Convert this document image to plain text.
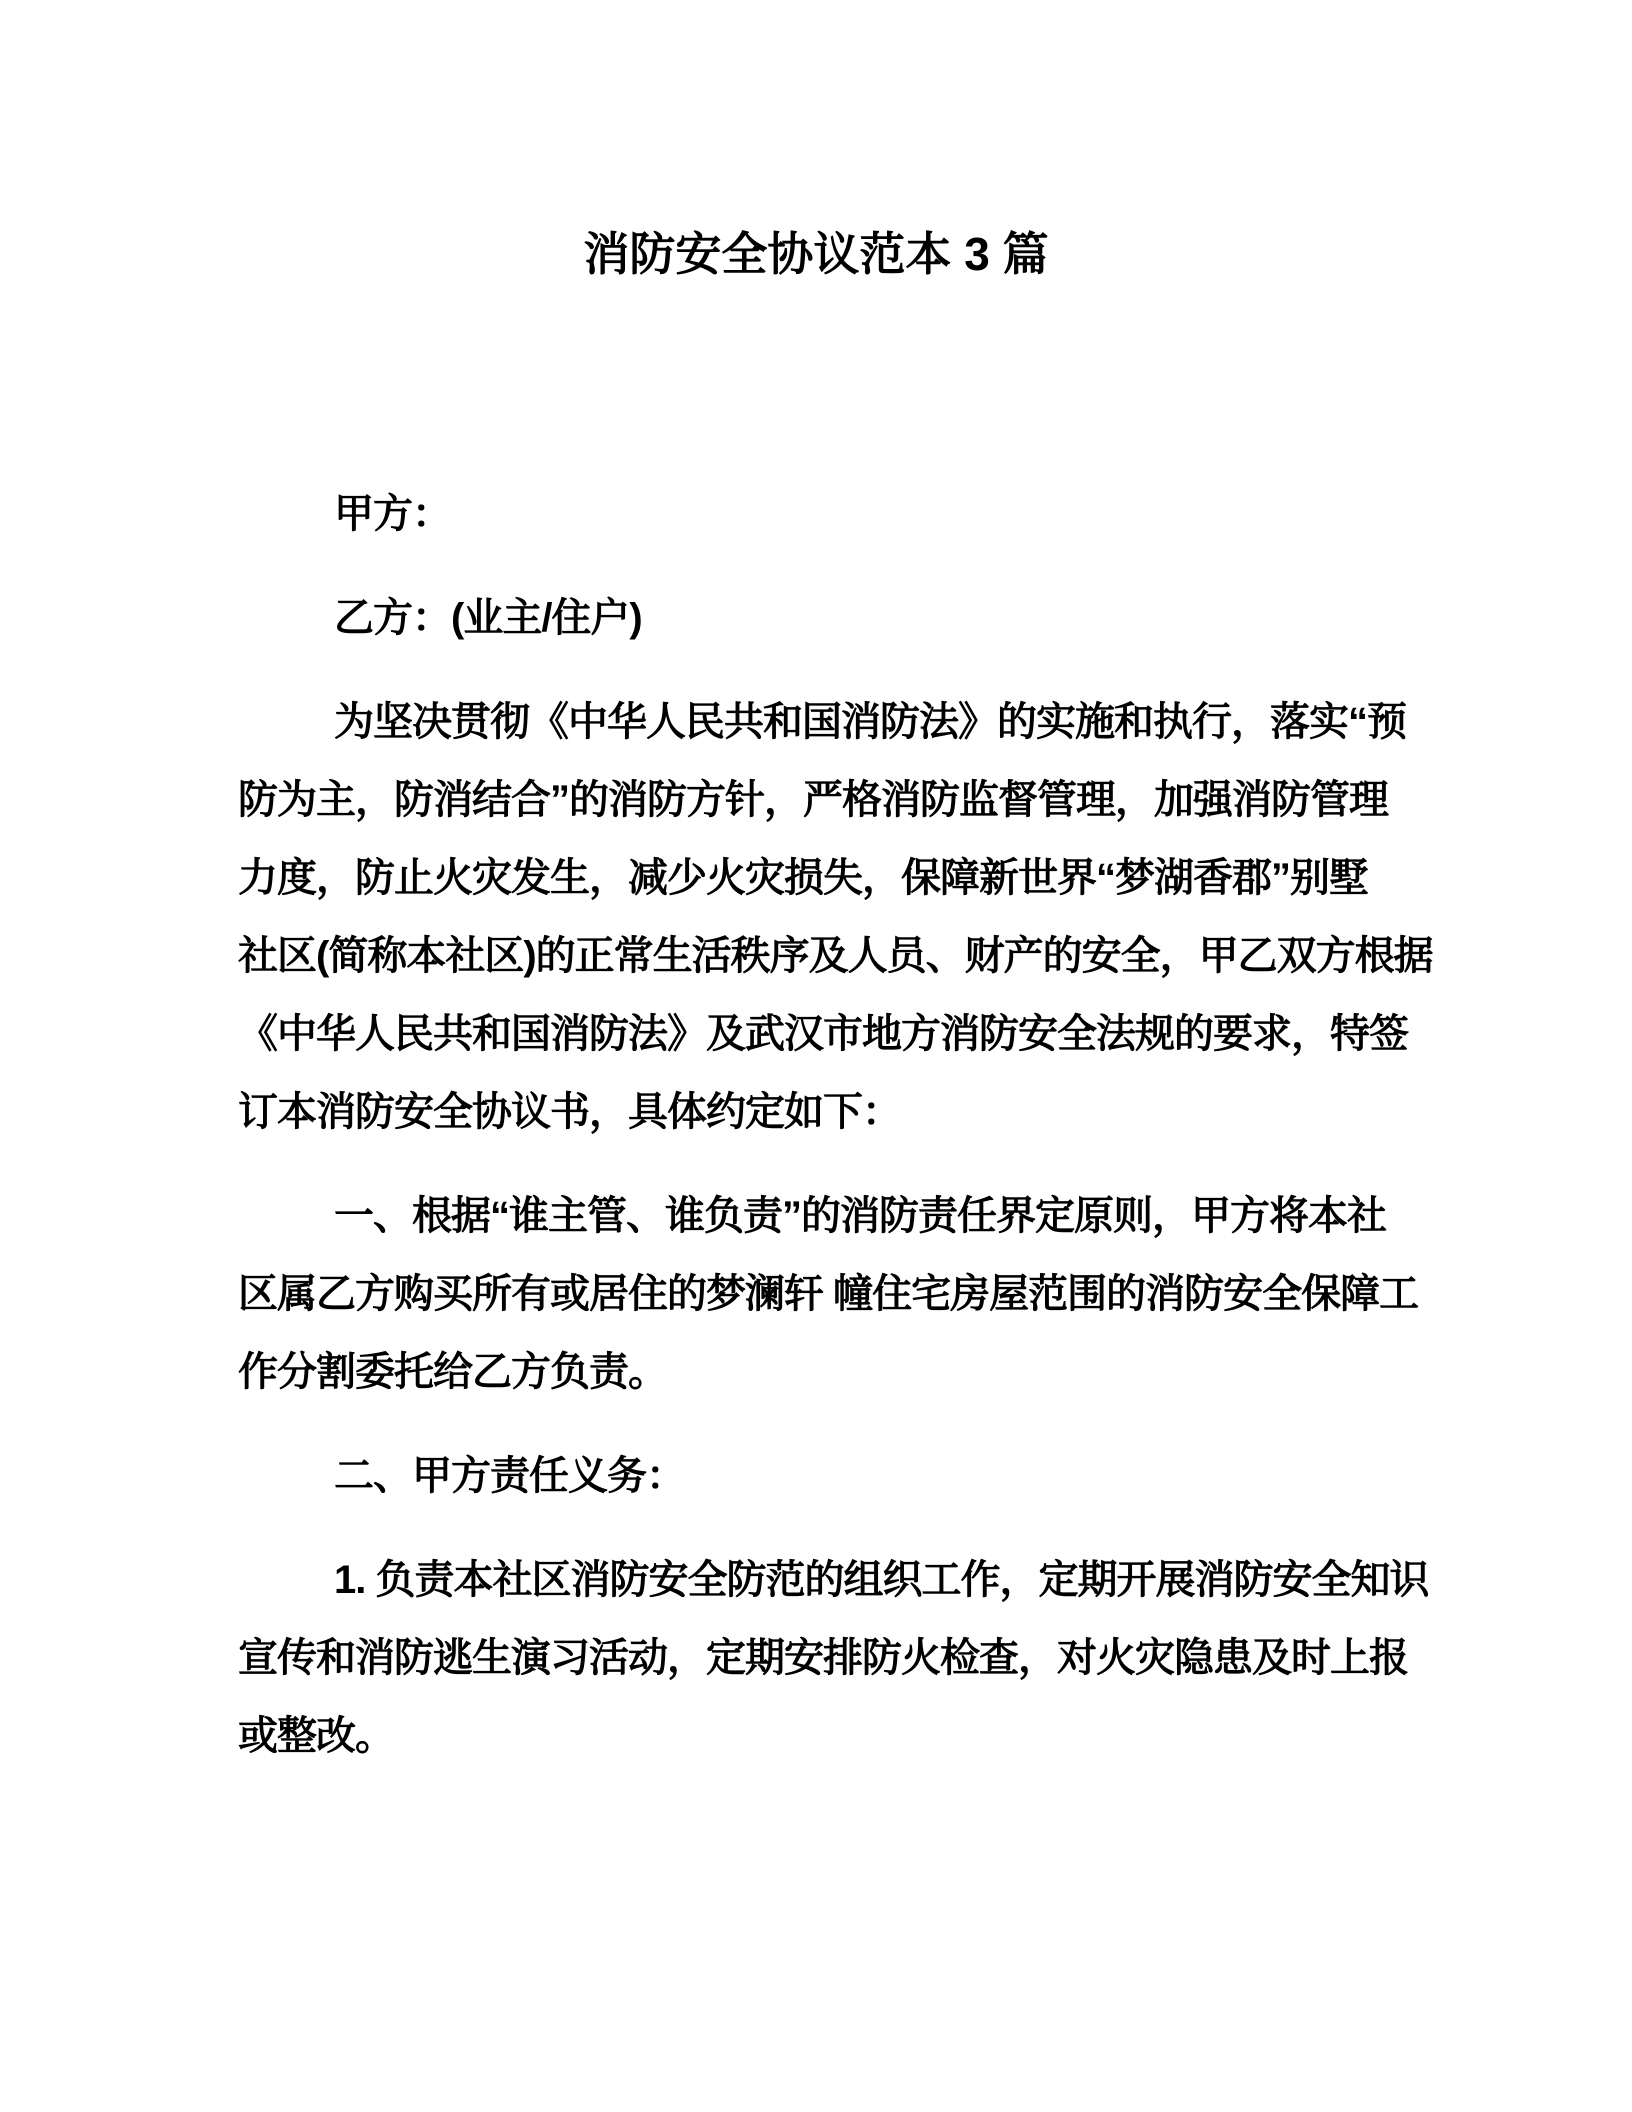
消防安全协议范本 3 篇
甲方：
乙方：(业主/住户)
为坚决贯彻《中华人民共和国消防法》的实施和执行，落实“预
防为主，防消结合”的消防方针，严格消防监督管理，加强消防管理
力度，防止火灾发生，减少火灾损失，保障新世界“梦湖香郡”别墅
社区(简称本社区)的正常生活秩序及人员、财产的安全，甲乙双方根据
《中华人民共和国消防法》及武汉市地方消防安全法规的要求，特签
订本消防安全协议书，具体约定如下：
一、根据“谁主管、谁负责”的消防责任界定原则，甲方将本社
区属乙方购买所有或居住的梦澜轩 幢住宅房屋范围的消防安全保障工
作分割委托给乙方负责。
二、甲方责任义务：
1. 负责本社区消防安全防范的组织工作，定期开展消防安全知识
宣传和消防逃生演习活动，定期安排防火检查，对火灾隐患及时上报
或整改。
